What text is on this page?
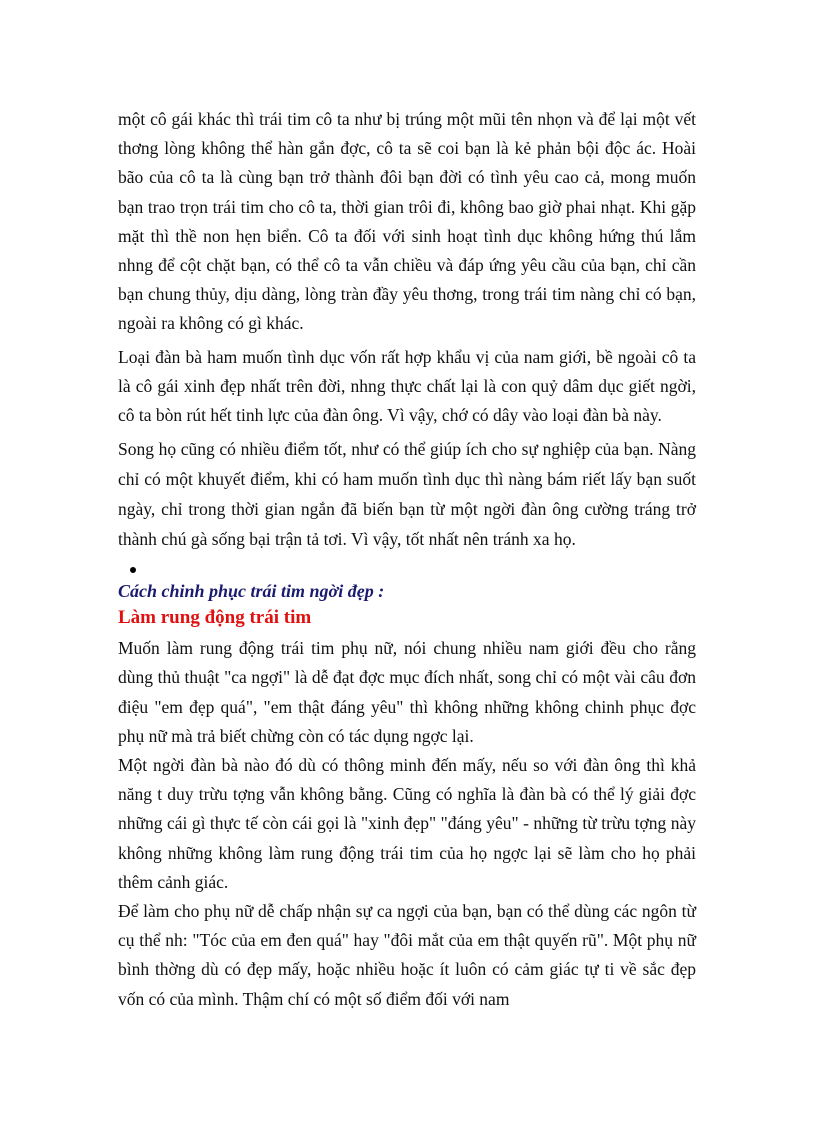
một cô gái khác thì trái tim cô ta như bị trúng một mũi tên nhọn và để lại một vết thơng lòng không thể hàn gắn đợc, cô ta sẽ coi bạn là kẻ phản bội độc ác. Hoài bão của cô ta là cùng bạn trở thành đôi bạn đời có tình yêu cao cả, mong muốn bạn trao trọn trái tim cho cô ta, thời gian trôi đi, không bao giờ phai nhạt. Khi gặp mặt thì thề non hẹn biển. Cô ta đối với sinh hoạt tình dục không hứng thú lắm nhng để cột chặt bạn, có thể cô ta vẫn chiều và đáp ứng yêu cầu của bạn, chỉ cần bạn chung thủy, dịu dàng, lòng tràn đầy yêu thơng, trong trái tim nàng chỉ có bạn, ngoài ra không có gì khác.

Loại đàn bà ham muốn tình dục vốn rất hợp khẩu vị của nam giới, bề ngoài cô ta là cô gái xinh đẹp nhất trên đời, nhng thực chất lại là con quỷ dâm dục giết ngời, cô ta bòn rút hết tinh lực của đàn ông. Vì vậy, chớ có dây vào loại đàn bà này.

Song họ cũng có nhiều điểm tốt, như có thể giúp ích cho sự nghiệp của bạn. Nàng chỉ có một khuyết điểm, khi có ham muốn tình dục thì nàng bám riết lấy bạn suốt ngày, chỉ trong thời gian ngắn đã biến bạn từ một ngời đàn ông cường tráng trở thành chú gà sống bại trận tả tơi. Vì vậy, tốt nhất nên tránh xa họ.

Cách chinh phục trái tim ngời đẹp :

Làm rung động trái tim

Muốn làm rung động trái tim phụ nữ, nói chung nhiều nam giới đều cho rằng dùng thủ thuật "ca ngợi" là dễ đạt đợc mục đích nhất, song chỉ có một vài câu đơn điệu "em đẹp quá", "em thật đáng yêu" thì không những không chinh phục đợc phụ nữ mà trả biết chừng còn có tác dụng ngợc lại.

Một ngời đàn bà nào đó dù có thông minh đến mấy, nếu so với đàn ông thì khả năng t duy trừu tợng vẫn không bằng. Cũng có nghĩa là đàn bà có thể lý giải đợc những cái gì thực tế còn cái gọi là "xinh đẹp" "đáng yêu" - những từ trừu tợng này không những không làm rung động trái tim của họ ngợc lại sẽ làm cho họ phải thêm cảnh giác.

Để làm cho phụ nữ dễ chấp nhận sự ca ngợi của bạn, bạn có thể dùng các ngôn từ cụ thể nh: "Tóc của em đen quá" hay "đôi mắt của em thật quyến rũ". Một phụ nữ bình thờng dù có đẹp mấy, hoặc nhiều hoặc ít luôn có cảm giác tự ti về sắc đẹp vốn có của mình. Thậm chí có một số điểm đối với nam
